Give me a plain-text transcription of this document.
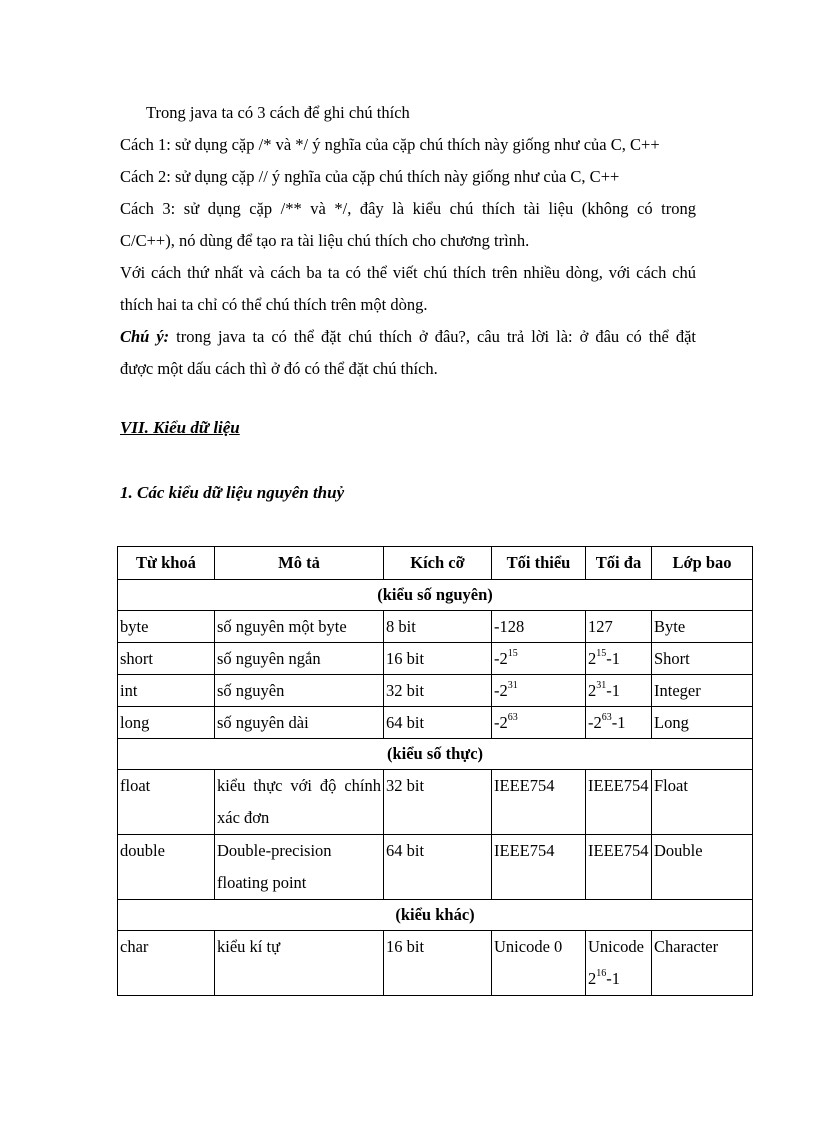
Trong java ta có 3 cách để ghi chú thích
Cách 1: sử dụng cặp /* và */ ý nghĩa của cặp chú thích này giống như của C, C++
Cách 2: sử dụng cặp // ý nghĩa của cặp chú thích này giống như của C, C++
Cách 3: sử dụng cặp /** và */, đây là kiểu chú thích tài liệu (không có trong
C/C++), nó dùng để tạo ra tài liệu chú thích cho chương trình.
Với cách thứ nhất và cách ba ta có thể viết chú thích trên nhiều dòng, với cách chú
thích hai ta chỉ có thể chú thích trên một dòng.
Chú ý: trong java ta có thể đặt chú thích ở đâu?, câu trả lời là: ở đâu có thể đặt
được một dấu cách thì ở đó có thể đặt chú thích.

VII. Kiểu dữ liệu

1. Các kiểu dữ liệu nguyên thuỷ

Từ khoá	Mô tả	Kích cỡ	Tối thiểu	Tối đa	Lớp bao
(kiểu số nguyên)					
byte	số nguyên một byte	8 bit	-128	127	Byte
short	số nguyên ngắn	16 bit	$-2^{15}$	$2^{15}-1$	Short
int	số nguyên	32 bit	$-2^{31}$	$2^{31}-1$	Integer
long	số nguyên dài	64 bit	$-2^{63}$	$-2^{63}-1$	Long
(kiểu số thực)					
float	kiểu thực với độ chính xác đơn	32 bit	IEEE754	IEEE754	Float
double	Double-precision floating point	64 bit	IEEE754	IEEE754	Double
(kiểu khác)					
char	kiểu kí tự	16 bit	Unicode 0	Unicode $2^{16}-1$	Character
